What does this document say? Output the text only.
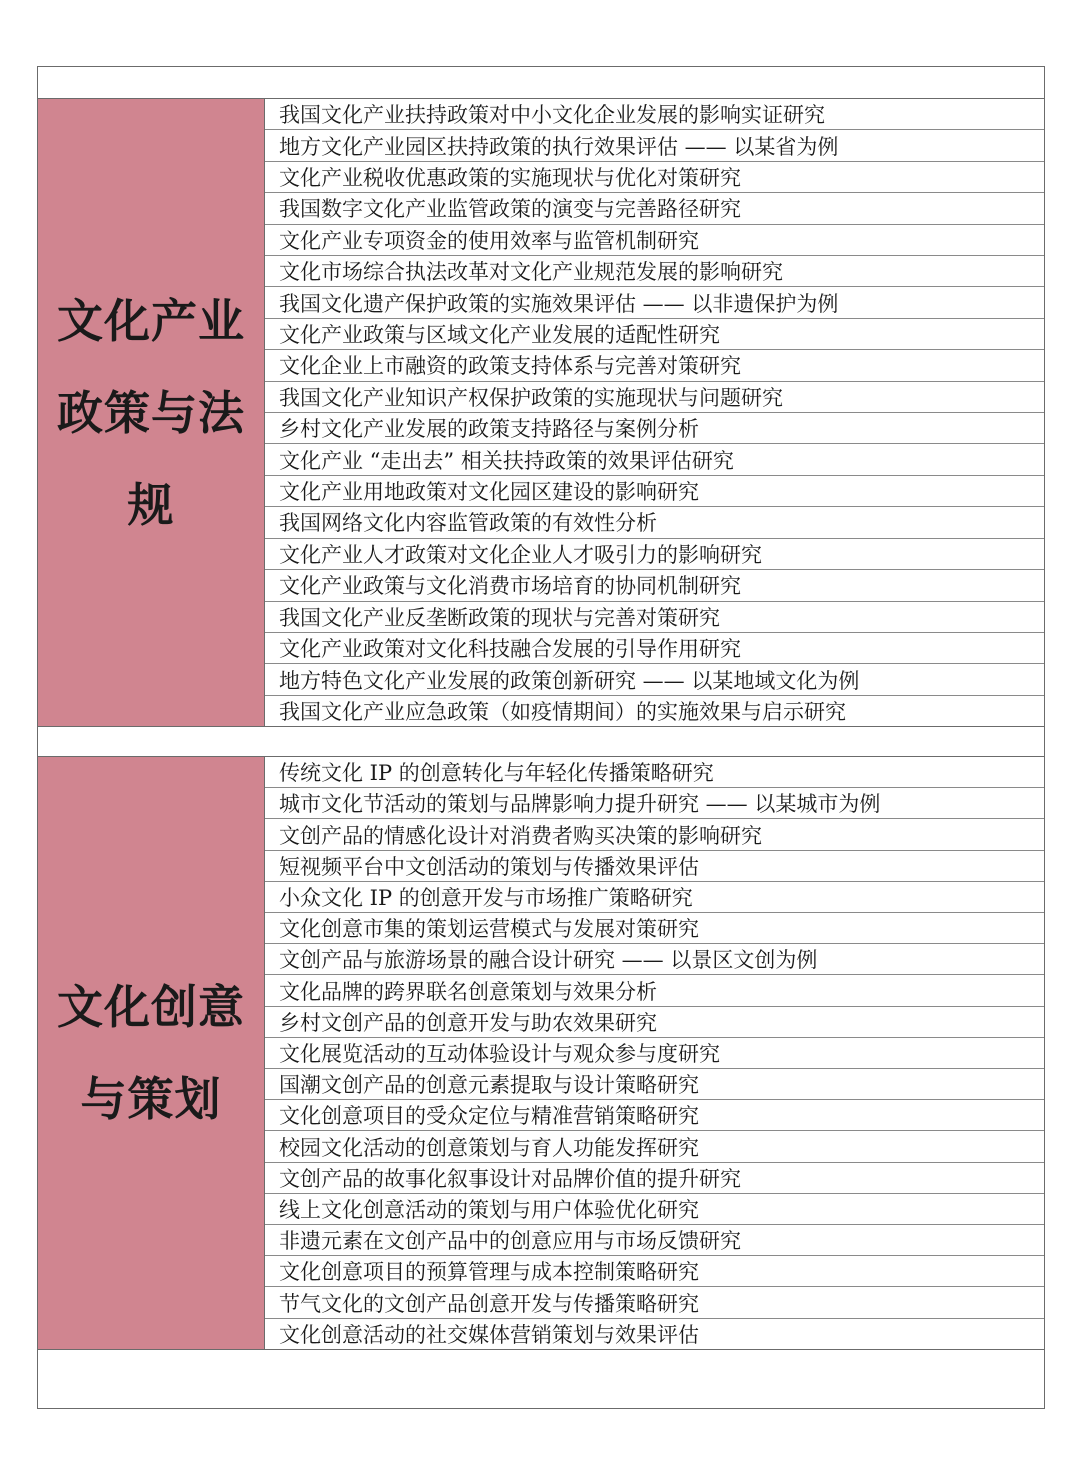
文化产业政策与法规
我国文化产业扶持政策对中小文化企业发展的影响实证研究
地方文化产业园区扶持政策的执行效果评估 —— 以某省为例
文化产业税收优惠政策的实施现状与优化对策研究
我国数字文化产业监管政策的演变与完善路径研究
文化产业专项资金的使用效率与监管机制研究
文化市场综合执法改革对文化产业规范发展的影响研究
我国文化遗产保护政策的实施效果评估 —— 以非遗保护为例
文化产业政策与区域文化产业发展的适配性研究
文化企业上市融资的政策支持体系与完善对策研究
我国文化产业知识产权保护政策的实施现状与问题研究
乡村文化产业发展的政策支持路径与案例分析
文化产业 “走出去” 相关扶持政策的效果评估研究
文化产业用地政策对文化园区建设的影响研究
我国网络文化内容监管政策的有效性分析
文化产业人才政策对文化企业人才吸引力的影响研究
文化产业政策与文化消费市场培育的协同机制研究
我国文化产业反垄断政策的现状与完善对策研究
文化产业政策对文化科技融合发展的引导作用研究
地方特色文化产业发展的政策创新研究 —— 以某地域文化为例
我国文化产业应急政策（如疫情期间）的实施效果与启示研究
文化创意与策划
传统文化 IP 的创意转化与年轻化传播策略研究
城市文化节活动的策划与品牌影响力提升研究 —— 以某城市为例
文创产品的情感化设计对消费者购买决策的影响研究
短视频平台中文创活动的策划与传播效果评估
小众文化 IP 的创意开发与市场推广策略研究
文化创意市集的策划运营模式与发展对策研究
文创产品与旅游场景的融合设计研究 —— 以景区文创为例
文化品牌的跨界联名创意策划与效果分析
乡村文创产品的创意开发与助农效果研究
文化展览活动的互动体验设计与观众参与度研究
国潮文创产品的创意元素提取与设计策略研究
文化创意项目的受众定位与精准营销策略研究
校园文化活动的创意策划与育人功能发挥研究
文创产品的故事化叙事设计对品牌价值的提升研究
线上文化创意活动的策划与用户体验优化研究
非遗元素在文创产品中的创意应用与市场反馈研究
文化创意项目的预算管理与成本控制策略研究
节气文化的文创产品创意开发与传播策略研究
文化创意活动的社交媒体营销策划与效果评估
